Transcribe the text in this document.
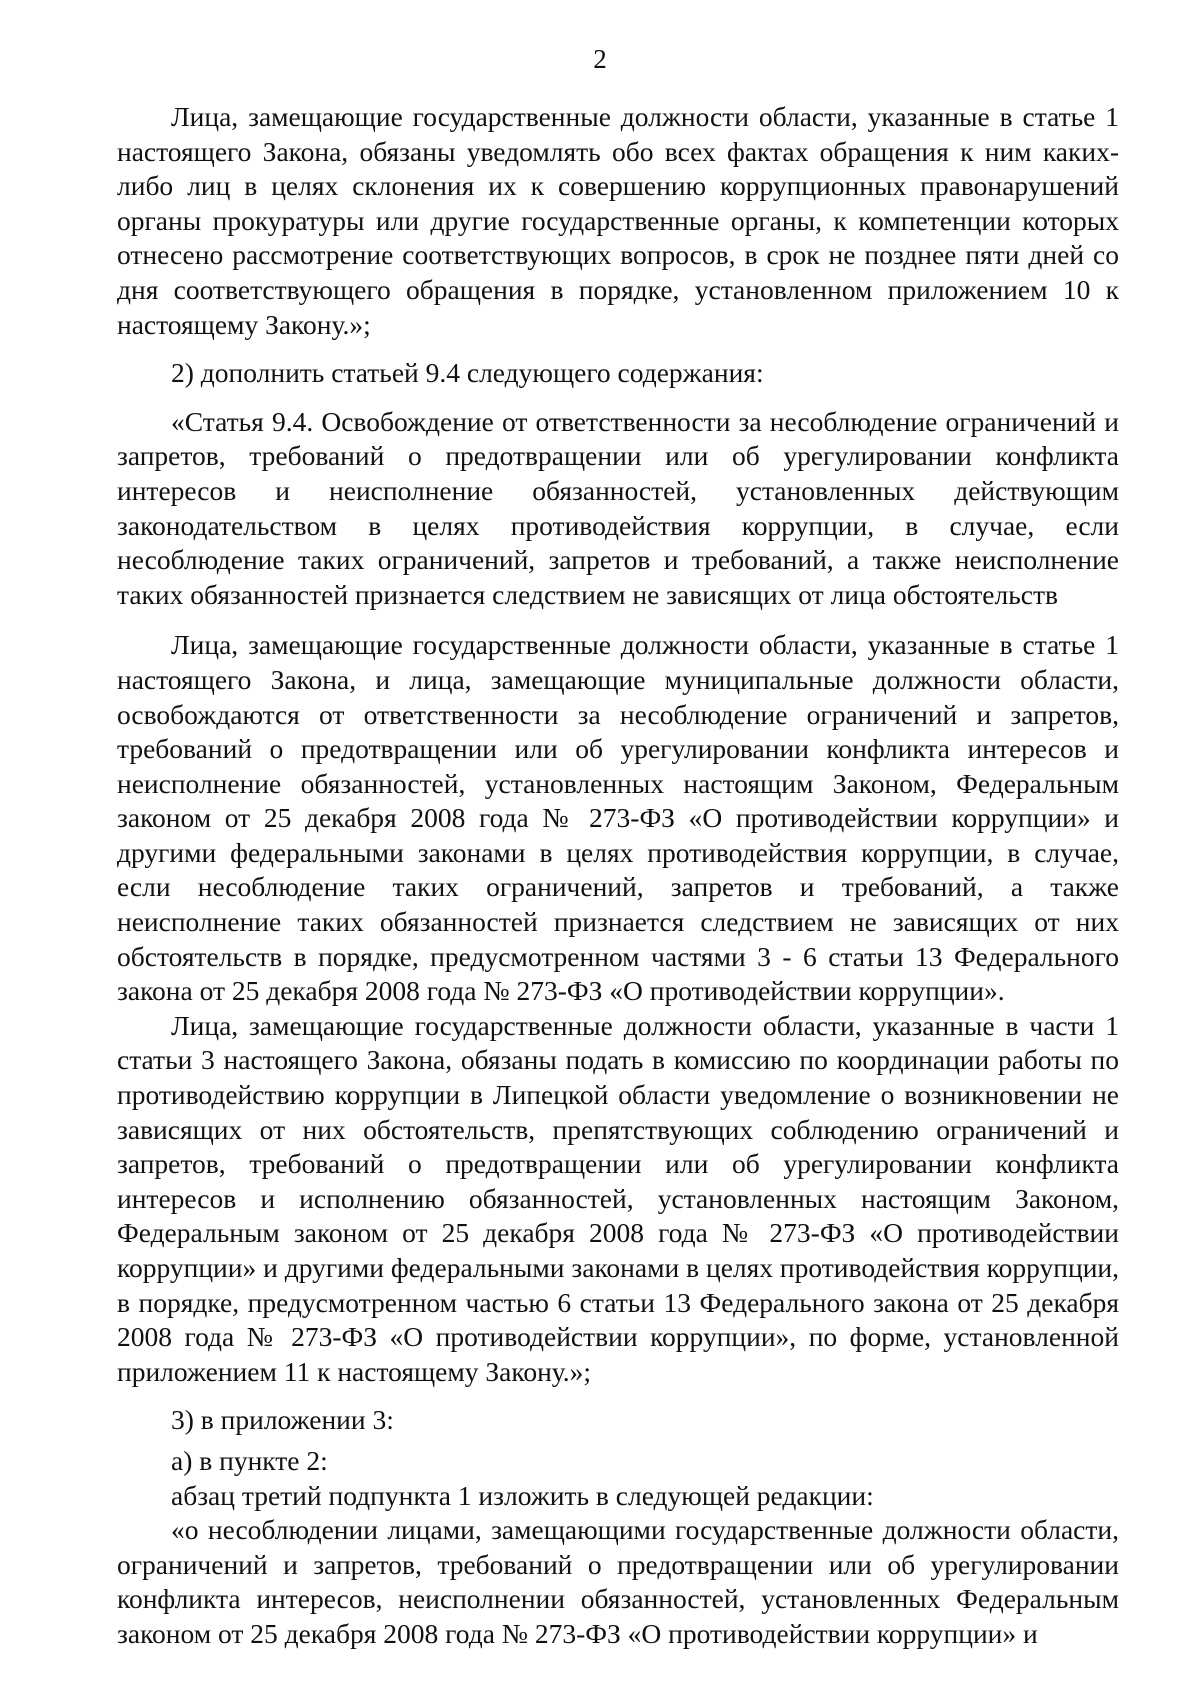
2

Лица, замещающие государственные должности области, указанные в статье 1 настоящего Закона, обязаны уведомлять обо всех фактах обращения к ним каких-либо лиц в целях склонения их к совершению коррупционных правонарушений органы прокуратуры или другие государственные органы, к компетенции которых отнесено рассмотрение соответствующих вопросов, в срок не позднее пяти дней со дня соответствующего обращения в порядке, установленном приложением 10 к настоящему Закону.»;

2) дополнить статьей 9.4 следующего содержания:

«Статья 9.4. Освобождение от ответственности за несоблюдение ограничений и запретов, требований о предотвращении или об урегулировании конфликта интересов и неисполнение обязанностей, установленных действующим законодательством в целях противодействия коррупции, в случае, если несоблюдение таких ограничений, запретов и требований, а также неисполнение таких обязанностей признается следствием не зависящих от лица обстоятельств

Лица, замещающие государственные должности области, указанные в статье 1 настоящего Закона, и лица, замещающие муниципальные должности области, освобождаются от ответственности за несоблюдение ограничений и запретов, требований о предотвращении или об урегулировании конфликта интересов и неисполнение обязанностей, установленных настоящим Законом, Федеральным законом от 25 декабря 2008 года № 273-ФЗ «О противодействии коррупции» и другими федеральными законами в целях противодействия коррупции, в случае, если несоблюдение таких ограничений, запретов и требований, а также неисполнение таких обязанностей признается следствием не зависящих от них обстоятельств в порядке, предусмотренном частями 3 - 6 статьи 13 Федерального закона от 25 декабря 2008 года № 273-ФЗ «О противодействии коррупции».

Лица, замещающие государственные должности области, указанные в части 1 статьи 3 настоящего Закона, обязаны подать в комиссию по координации работы по противодействию коррупции в Липецкой области уведомление о возникновении не зависящих от них обстоятельств, препятствующих соблюдению ограничений и запретов, требований о предотвращении или об урегулировании конфликта интересов и исполнению обязанностей, установленных настоящим Законом, Федеральным законом от 25 декабря 2008 года № 273-ФЗ «О противодействии коррупции» и другими федеральными законами в целях противодействия коррупции, в порядке, предусмотренном частью 6 статьи 13 Федерального закона от 25 декабря 2008 года № 273-ФЗ «О противодействии коррупции», по форме, установленной приложением 11 к настоящему Закону.»;

3) в приложении 3:

а) в пункте 2:

абзац третий подпункта 1 изложить в следующей редакции:

«о несоблюдении лицами, замещающими государственные должности области, ограничений и запретов, требований о предотвращении или об урегулировании конфликта интересов, неисполнении обязанностей, установленных Федеральным законом от 25 декабря 2008 года № 273-ФЗ «О противодействии коррупции» и
